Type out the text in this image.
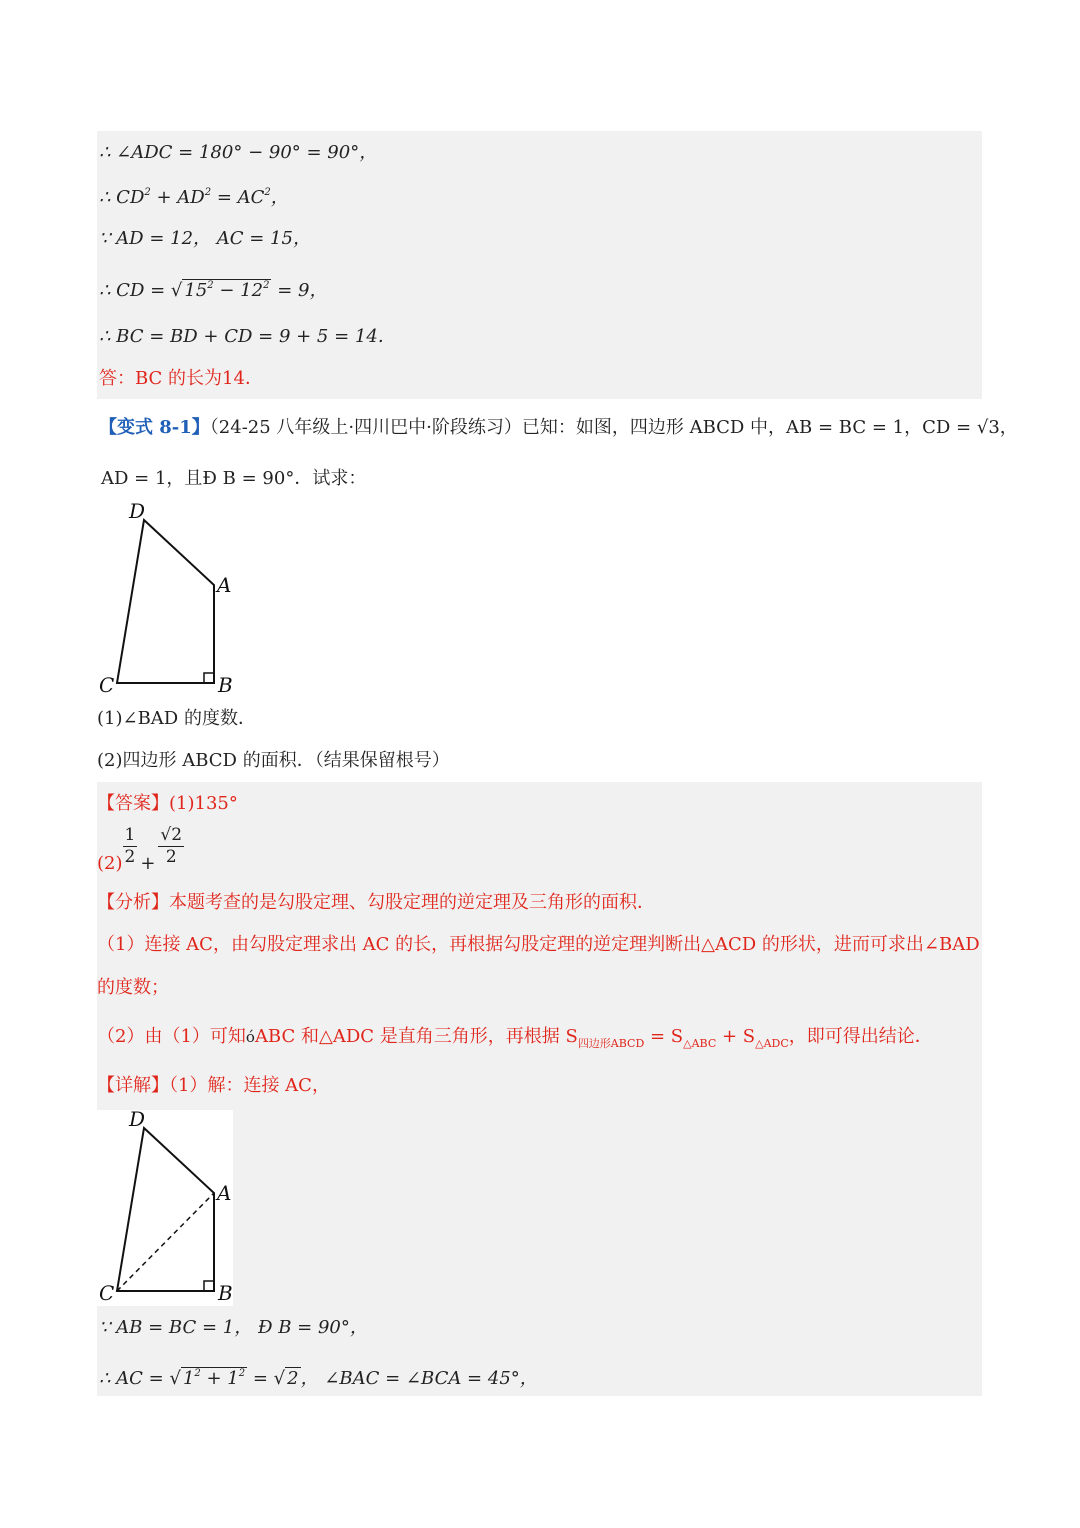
∴ ∠ADC = 180° − 90° = 90°，
∴ $CD^2 + AD^2 = AC^2$，
∵ AD = 12， AC = 15，
∴ CD = √ $15^2 - 12^2 = 9$，
∴ BC = BD + CD = 9 + 5 = 14．
答：BC 的长为14．
【变式 8-1】（24-25 八年级上·四川巴中·阶段练习）已知：如图，四边形 ABCD 中，AB = BC = 1，CD = √3，
AD = 1，且Ð B = 90°．试求：
D
A
C	B
(1)∠BAD 的度数．
(2)四边形 ABCD 的面积．（结果保留根号）
【答案】(1)135°
$(2) \frac{1}{2} + \frac{√2}{2}$
【分析】本题考查的是勾股定理、勾股定理的逆定理及三角形的面积．
（1）连接 AC，由勾股定理求出 AC 的长，再根据勾股定理的逆定理判断出△ACD 的形状，进而可求出∠BAD
的度数；
（2）由（1）可知óABC 和△ADC 是直角三角形，再根据 $S_{四边形ABCD} = S_{\triangle ABC} + S_{\triangle ADC}$，即可得出结论．
【详解】（1）解：连接 AC，
D
A
C	B
∵ AB = BC = 1， Ð B = 90°，
∴ AC = √ $1^2 + 1^2$ = √ 2 ， ∠BAC = ∠BCA = 45°，
